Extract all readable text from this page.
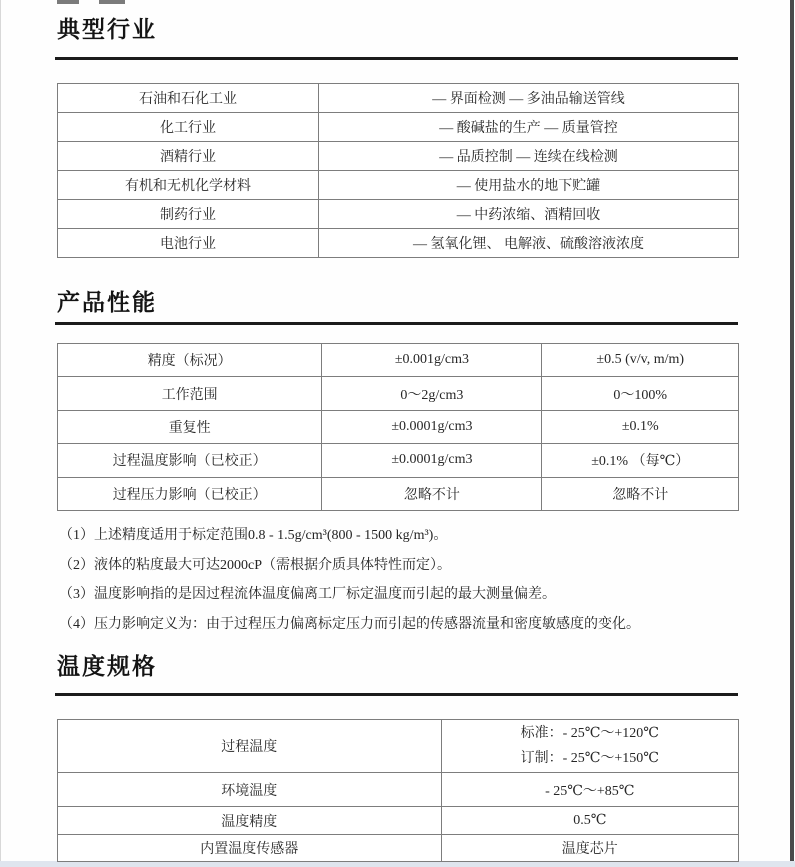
典型行业
石油和石化工业	— 界面检测 — 多油品输送管线
化工行业	— 酸碱盐的生产 — 质量管控
酒精行业	— 品质控制 — 连续在线检测
有机和无机化学材料	— 使用盐水的地下贮罐
制药行业	— 中药浓缩、酒精回收
电池行业	— 氢氧化锂、 电解液、硫酸溶液浓度
产品性能
精度（标况）	±0.001g/cm3	±0.5 (v/v, m/m)
工作范围	0～2g/cm3	0～100%
重复性	±0.0001g/cm3	±0.1%
过程温度影响（已校正）	±0.0001g/cm3	±0.1% （每℃）
过程压力影响（已校正）	忽略不计	忽略不计
（1）上述精度适用于标定范围0.8 - 1.5g/cm³(800 - 1500 kg/m³)。
（2）液体的粘度最大可达2000cP（需根据介质具体特性而定）。
（3）温度影响指的是因过程流体温度偏离工厂标定温度而引起的最大测量偏差。
（4）压力影响定义为：由于过程压力偏离标定压力而引起的传感器流量和密度敏感度的变化。
温度规格
过程温度	标准：- 25℃～+120℃
订制：- 25℃～+150℃

环境温度	- 25℃～+85℃
温度精度	0.5℃
内置温度传感器	温度芯片
